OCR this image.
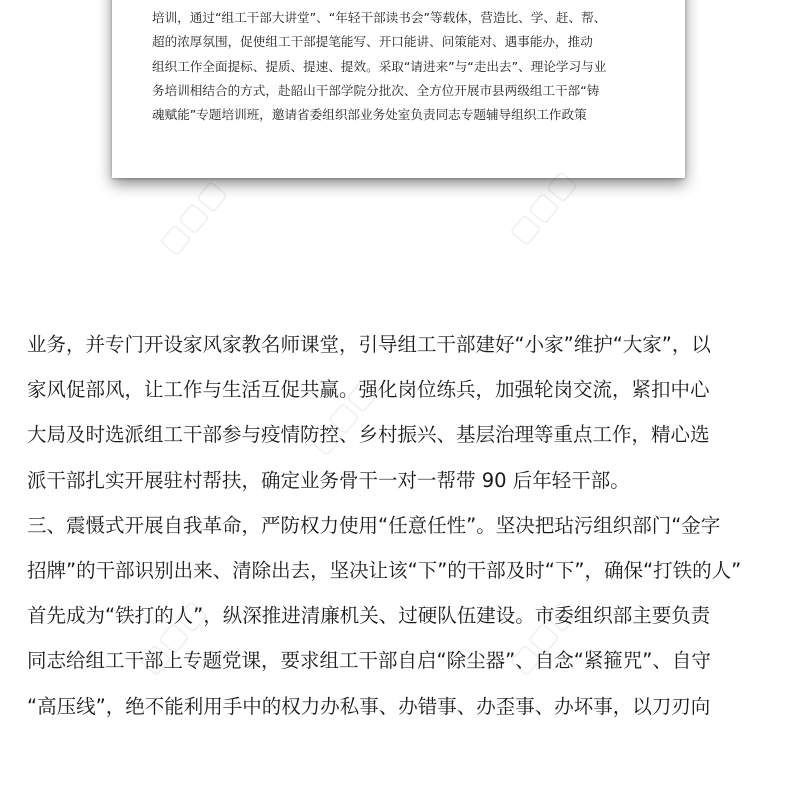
培训，通过“组工干部大讲堂”、“年轻干部读书会”等载体，营造比、学、赶、帮、

超的浓厚氛围，促使组工干部提笔能写、开口能讲、问策能对、遇事能办，推动

组织工作全面提标、提质、提速、提效。采取“请进来”与“走出去”、理论学习与业

务培训相结合的方式，赴韶山干部学院分批次、全方位开展市县两级组工干部“铸

魂赋能”专题培训班，邀请省委组织部业务处室负责同志专题辅导组织工作政策

业务，并专门开设家风家教名师课堂，引导组工干部建好“小家”维护“大家”，以

家风促部风，让工作与生活互促共赢。强化岗位练兵，加强轮岗交流，紧扣中心

大局及时选派组工干部参与疫情防控、乡村振兴、基层治理等重点工作，精心选

派干部扎实开展驻村帮扶，确定业务骨干一对一帮带 90 后年轻干部。

三、震慑式开展自我革命，严防权力使用“任意任性”。坚决把玷污组织部门“金字

招牌”的干部识别出来、清除出去，坚决让该“下”的干部及时“下”，确保“打铁的人”

首先成为“铁打的人”，纵深推进清廉机关、过硬队伍建设。市委组织部主要负责

同志给组工干部上专题党课，要求组工干部自启“除尘器”、自念“紧箍咒”、自守

“高压线”，绝不能利用手中的权力办私事、办错事、办歪事、办坏事，以刀刃向

▢▢▢	▢▢▢
▢▢▢
▢▢▢	▢▢▢
